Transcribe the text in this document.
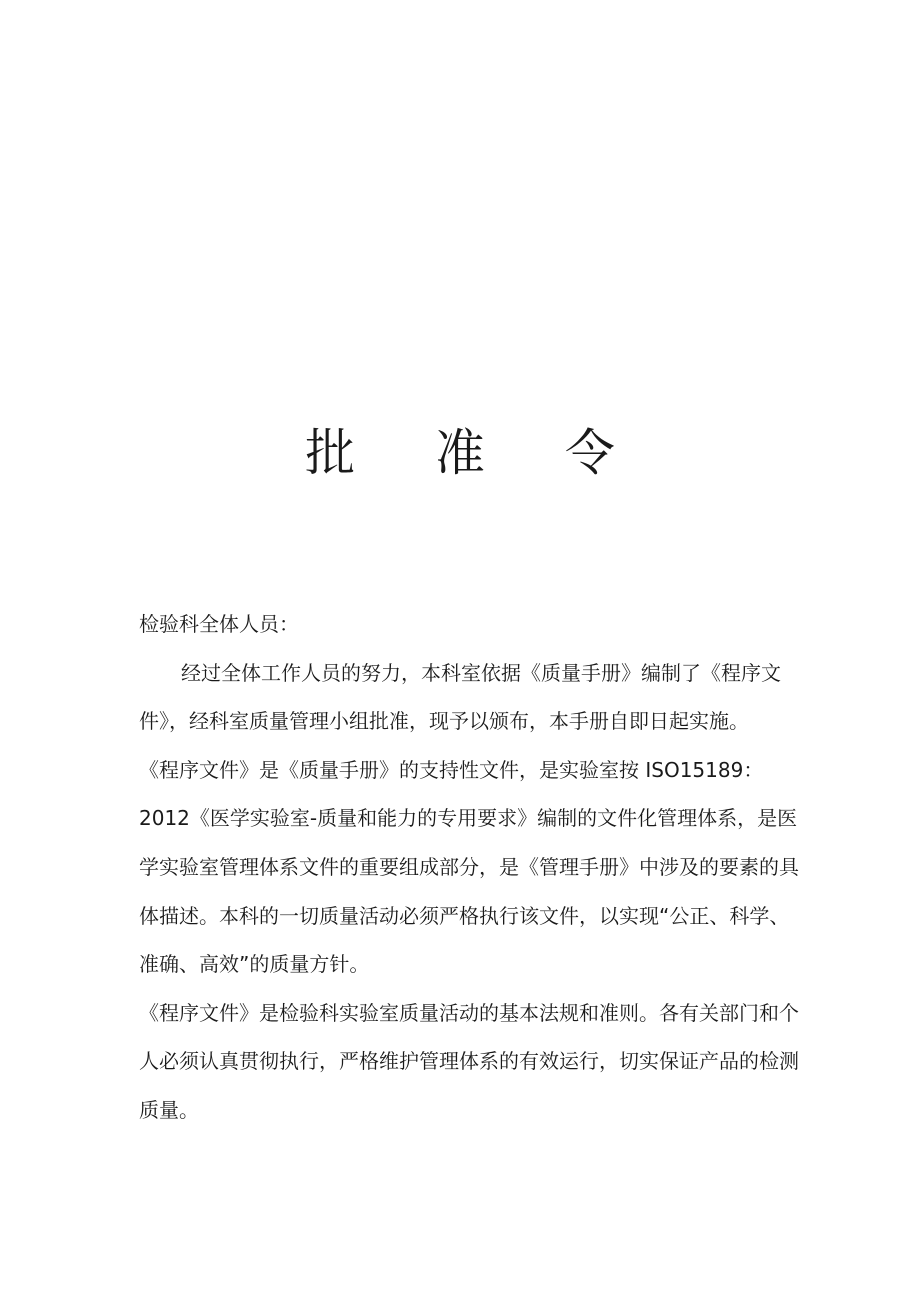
批 准 令

检验科全体人员：

经过全体工作人员的努力，本科室依据《质量手册》编制了《程序文件》，经科室质量管理小组批准，现予以颁布，本手册自即日起实施。

《程序文件》是《质量手册》的支持性文件，是实验室按 ISO15189：2012《医学实验室-质量和能力的专用要求》编制的文件化管理体系，是医学实验室管理体系文件的重要组成部分，是《管理手册》中涉及的要素的具体描述。本科的一切质量活动必须严格执行该文件，以实现“公正、科学、准确、高效”的质量方针。

《程序文件》是检验科实验室质量活动的基本法规和准则。各有关部门和个人必须认真贯彻执行，严格维护管理体系的有效运行，切实保证产品的检测质量。
